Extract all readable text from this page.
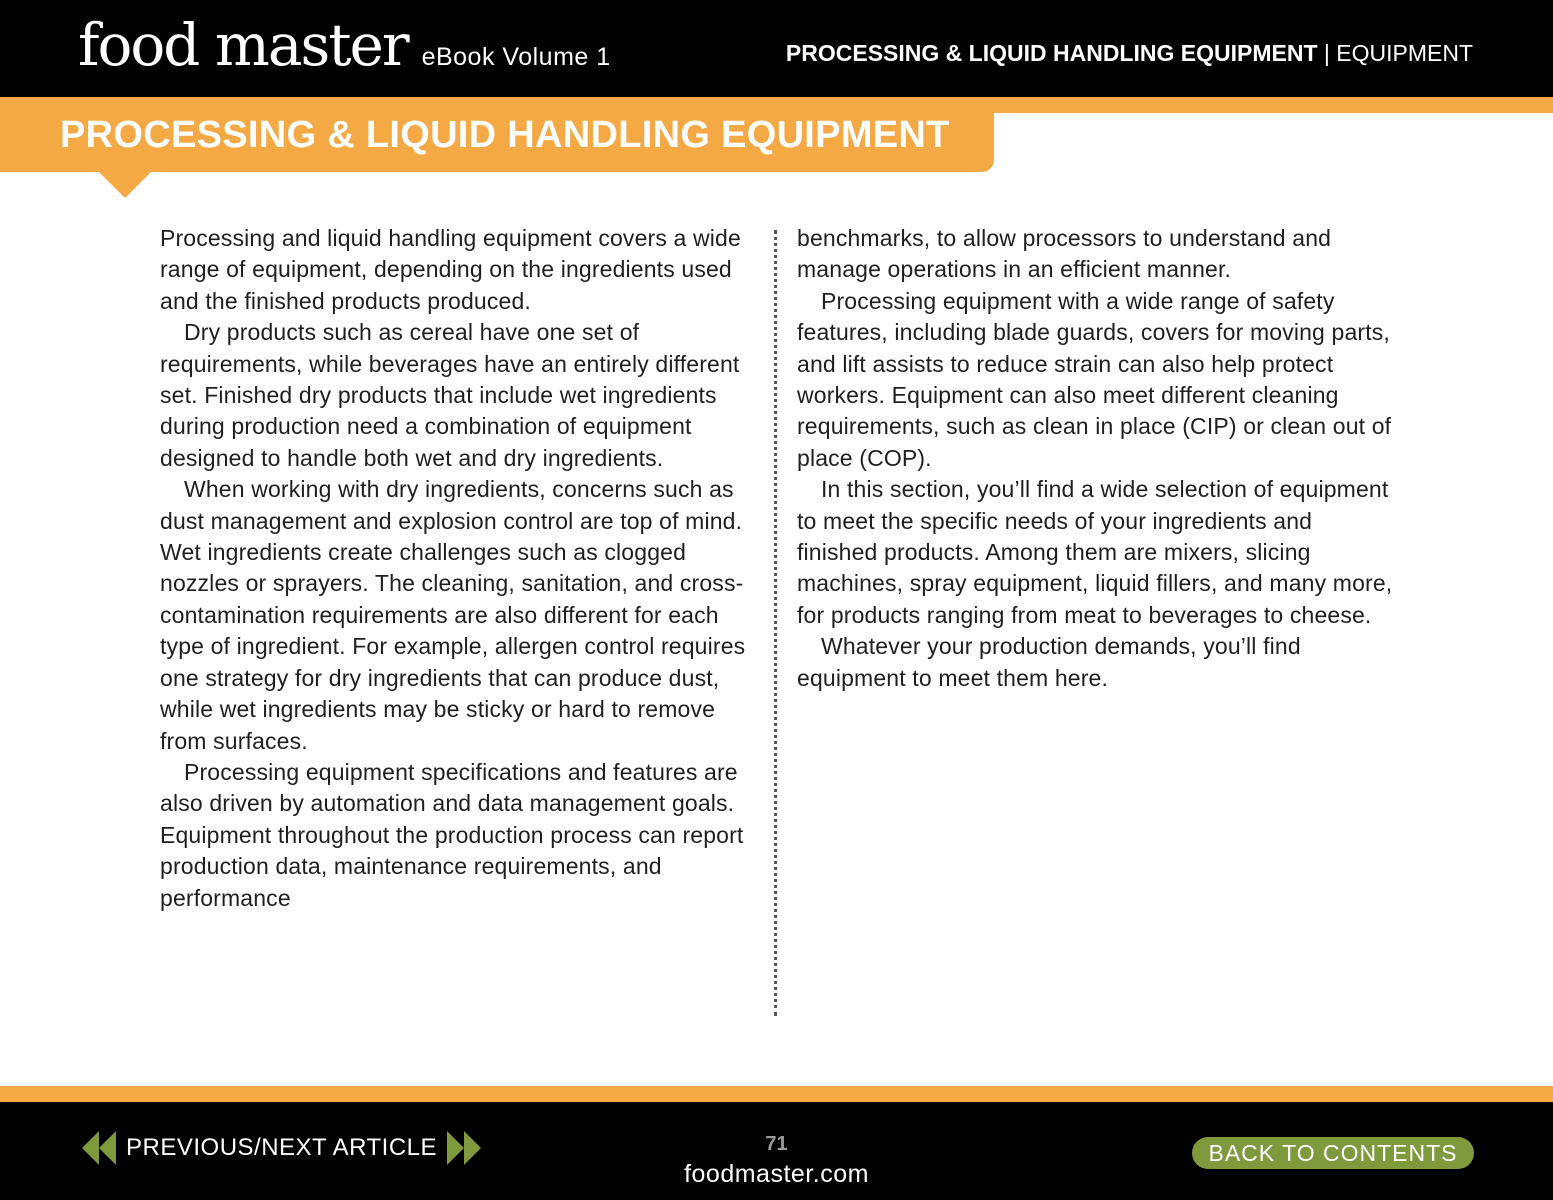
food master eBook Volume 1	PROCESSING & LIQUID HANDLING EQUIPMENT | EQUIPMENT
PROCESSING & LIQUID HANDLING EQUIPMENT

Processing and liquid handling equipment covers a wide range of equipment, depending on the ingredients used and the finished products produced.

Dry products such as cereal have one set of requirements, while beverages have an entirely different set. Finished dry products that include wet ingredients during production need a combination of equipment designed to handle both wet and dry ingredients.

When working with dry ingredients, concerns such as dust management and explosion control are top of mind. Wet ingredients create challenges such as clogged nozzles or sprayers. The cleaning, sanitation, and cross-contamination requirements are also different for each type of ingredient. For example, allergen control requires one strategy for dry ingredients that can produce dust, while wet ingredients may be sticky or hard to remove from surfaces.

Processing equipment specifications and features are also driven by automation and data management goals. Equipment throughout the production process can report production data, maintenance requirements, and performance

benchmarks, to allow processors to understand and manage operations in an efficient manner.

Processing equipment with a wide range of safety features, including blade guards, covers for moving parts, and lift assists to reduce strain can also help protect workers. Equipment can also meet different cleaning requirements, such as clean in place (CIP) or clean out of place (COP).

In this section, you’ll find a wide selection of equipment to meet the specific needs of your ingredients and finished products. Among them are mixers, slicing machines, spray equipment, liquid fillers, and many more, for products ranging from meat to beverages to cheese.

Whatever your production demands, you’ll find equipment to meet them here.

PREVIOUS/NEXT ARTICLE	71
foodmaster.com
BACK TO CONTENTS
